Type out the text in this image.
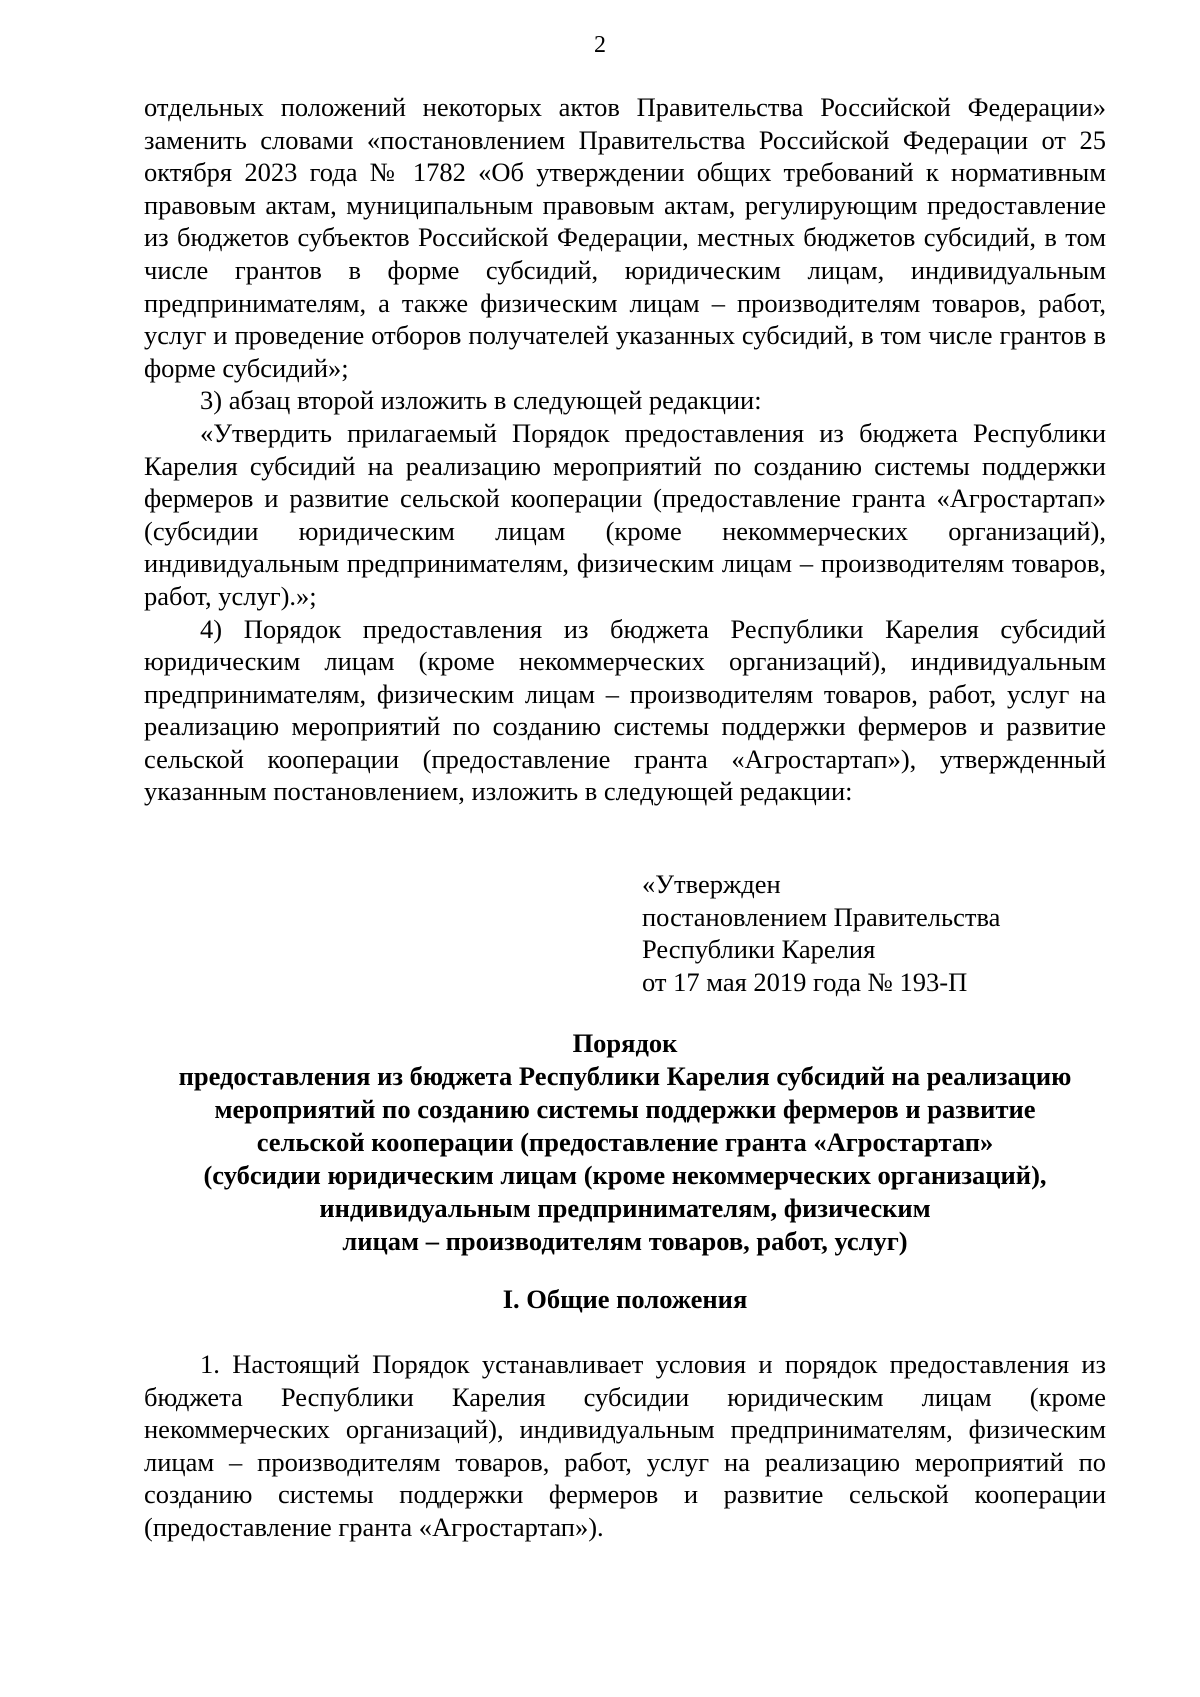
2

отдельных положений некоторых актов Правительства Российской Федерации» заменить словами «постановлением Правительства Российской Федерации от 25 октября 2023 года № 1782 «Об утверждении общих требований к нормативным правовым актам, муниципальным правовым актам, регулирующим предоставление из бюджетов субъектов Российской Федерации, местных бюджетов субсидий, в том числе грантов в форме субсидий, юридическим лицам, индивидуальным предпринимателям, а также физическим лицам – производителям товаров, работ, услуг и проведение отборов получателей указанных субсидий, в том числе грантов в форме субсидий»;

3) абзац второй изложить в следующей редакции:

«Утвердить прилагаемый Порядок предоставления из бюджета Республики Карелия субсидий на реализацию мероприятий по созданию системы поддержки фермеров и развитие сельской кооперации (предоставление гранта «Агростартап» (субсидии юридическим лицам (кроме некоммерческих организаций), индивидуальным предпринимателям, физическим лицам – производителям товаров, работ, услуг).»;

4) Порядок предоставления из бюджета Республики Карелия субсидий юридическим лицам (кроме некоммерческих организаций), индивидуальным предпринимателям, физическим лицам – производителям товаров, работ, услуг на реализацию мероприятий по созданию системы поддержки фермеров и развитие сельской кооперации (предоставление гранта «Агростартап»), утвержденный указанным постановлением, изложить в следующей редакции:

«Утвержден
постановлением Правительства
Республики Карелия
от 17 мая 2019 года № 193-П
Порядок
предоставления из бюджета Республики Карелия субсидий на реализацию
мероприятий по созданию системы поддержки фермеров и развитие
сельской кооперации (предоставление гранта «Агростартап»
(субсидии юридическим лицам (кроме некоммерческих организаций),
индивидуальным предпринимателям, физическим
лицам – производителям товаров, работ, услуг)
I. Общие положения

1. Настоящий Порядок устанавливает условия и порядок предоставления из бюджета Республики Карелия субсидии юридическим лицам (кроме некоммерческих организаций), индивидуальным предпринимателям, физическим лицам – производителям товаров, работ, услуг на реализацию мероприятий по созданию системы поддержки фермеров и развитие сельской кооперации (предоставление гранта «Агростартап»).
